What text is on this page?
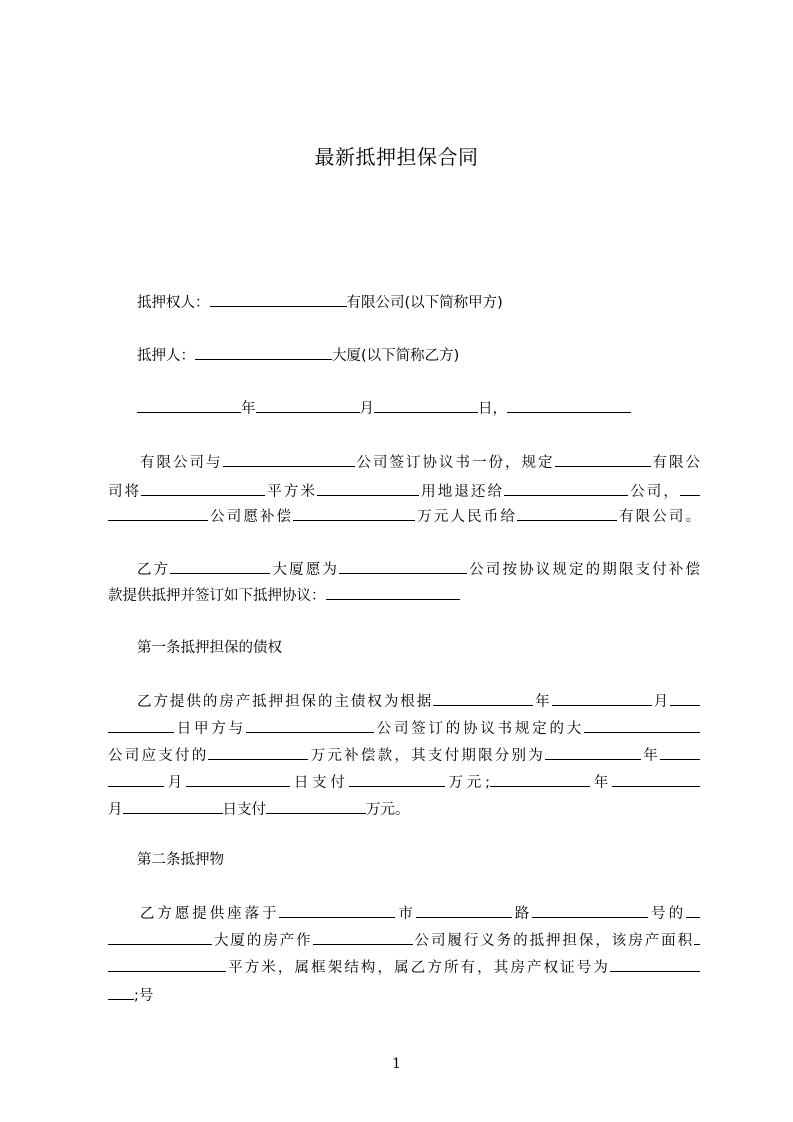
最新抵押担保合同
抵押权人：	有限公司(以下简称甲方)
抵押人：	大厦(以下简称乙方)
年	月	日，
有限公司与	公司签订协议书一份，规定	有限公
司将	平方米	用地退还给	公司，
公司愿补偿	万元人民币给	有限公司。
乙方	大厦愿为	公司按协议规定的期限支付补偿
款提供抵押并签订如下抵押协议：
第一条抵押担保的债权
乙方提供的房产抵押担保的主债权为根据	年	月
日甲方与	公司签订的协议书规定的大
公司应支付的	万元补偿款，其支付期限分别为	年
月	日支付	万元;	年
月	日支付	万元。
第二条抵押物
乙方愿提供座落于	市	路	号的
大厦的房产作	公司履行义务的抵押担保，该房产面积
平方米，属框架结构，属乙方所有，其房产权证号为
;号
1
